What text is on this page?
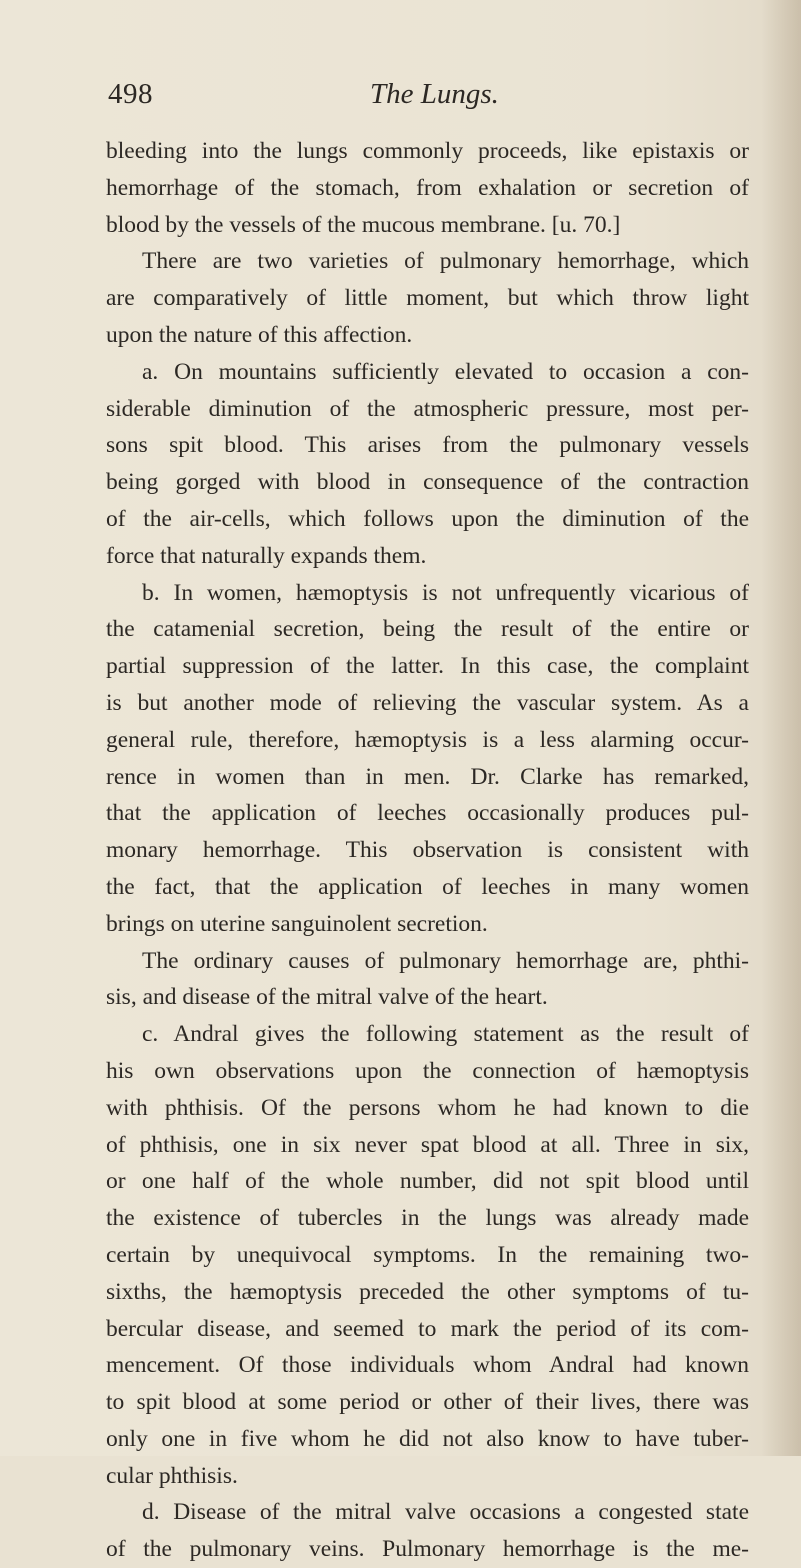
498	The Lungs.
bleeding into the lungs commonly proceeds, like epistaxis or
hemorrhage of the stomach, from exhalation or secretion of
blood by the vessels of the mucous membrane. [u. 70.]
There are two varieties of pulmonary hemorrhage, which
are comparatively of little moment, but which throw light
upon the nature of this affection.
a. On mountains sufficiently elevated to occasion a con-
siderable diminution of the atmospheric pressure, most per-
sons spit blood. This arises from the pulmonary vessels
being gorged with blood in consequence of the contraction
of the air-cells, which follows upon the diminution of the
force that naturally expands them.
b. In women, hæmoptysis is not unfrequently vicarious of
the catamenial secretion, being the result of the entire or
partial suppression of the latter. In this case, the complaint
is but another mode of relieving the vascular system. As a
general rule, therefore, hæmoptysis is a less alarming occur-
rence in women than in men. Dr. Clarke has remarked,
that the application of leeches occasionally produces pul-
monary hemorrhage. This observation is consistent with
the fact, that the application of leeches in many women
brings on uterine sanguinolent secretion.
The ordinary causes of pulmonary hemorrhage are, phthi-
sis, and disease of the mitral valve of the heart.
c. Andral gives the following statement as the result of
his own observations upon the connection of hæmoptysis
with phthisis. Of the persons whom he had known to die
of phthisis, one in six never spat blood at all. Three in six,
or one half of the whole number, did not spit blood until
the existence of tubercles in the lungs was already made
certain by unequivocal symptoms. In the remaining two-
sixths, the hæmoptysis preceded the other symptoms of tu-
bercular disease, and seemed to mark the period of its com-
mencement. Of those individuals whom Andral had known
to spit blood at some period or other of their lives, there was
only one in five whom he did not also know to have tuber-
cular phthisis.
d. Disease of the mitral valve occasions a congested state
of the pulmonary veins. Pulmonary hemorrhage is the me-
